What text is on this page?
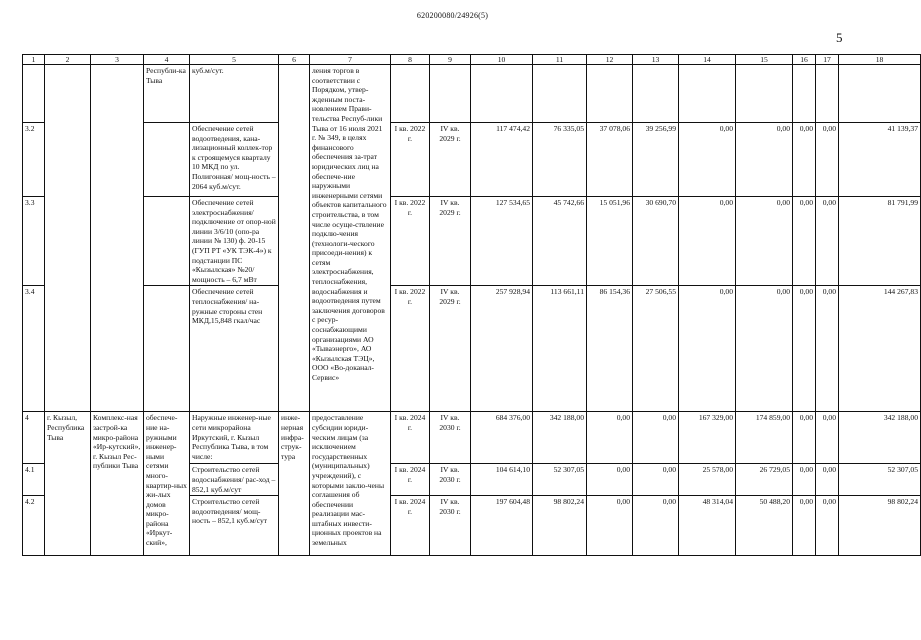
620200080/24926(5)
5
1	2	3	4	5	6	7	8	9	10	11	12	13	14	15	16	17	18
			Республи-ка Тыва	куб.м/сут.		ления торгов в соответствии с Порядком, утвер-жденным поста-новлением Прави-тельства Респуб-лики Тыва от 16 июля 2021 г. № 349, в целях финансового обеспечения за-трат юридических лиц на обеспече-ние наружными инженерными сетями объектов капитального строительства, в том числе осуще-ствление подклю-чения (технологи-ческого присоеди-нения) к сетям электроснабжения, теплоснабжения, водоснабжения и водоотведения путем заключения договоров с ресур-соснабжающими организациями АО «Тываэнерго», АО «Кызылская ТЭЦ», ООО «Во-доканал-Сервис»											
3.2				Обеспечение сетей водоотведения, кана-лизационный коллек-тор к строящемуся кварталу 10 МКД по ул. Полигонная/ мощ-ность – 2064 куб.м/сут.			I кв. 2022 г.	IV кв. 2029 г.	117 474,42	76 335,05	37 078,06	39 256,99	0,00	0,00	0,00	0,00	41 139,37
3.3				Обеспечение сетей электроснабжения/ подключение от опор-ной линии 3/6/10 (опо-ра линии № 130) ф. 20-15 (ГУП РТ «УК ТЭК-4») к подстанции ПС «Кызылская» №20/ мощность – 6,7 мВт			I кв. 2022 г.	IV кв. 2029 г.	127 534,65	45 742,66	15 051,96	30 690,70	0,00	0,00	0,00	0,00	81 791,99
3.4				Обеспечение сетей теплоснабжения/ на-ружные стороны стен МКД,15,848 гкал/час			I кв. 2022 г.	IV кв. 2029 г.	257 928,94	113 661,11	86 154,36	27 506,55	0,00	0,00	0,00	0,00	144 267,83
4	г. Кызыл, Республика Тыва	Комплекс-ная застрой-ка микро-района «Ир-кутский», г. Кызыл Рес-публики Тыва	обеспече-ние на-ружными инженер-ными сетями много-квартир-ных жи-лых домов микро-района «Иркут-ский»,	Наружные инженер-ные сети микрорайона Иркутский, г. Кызыл Республика Тыва, в том числе:	инже-нерная инфра-струк-тура	предоставление субсидии юриди-ческим лицам (за исключением государственных (муниципальных) учреждений), с которыми заклю-чены соглашения об обеспечении реализации мас-штабных инвести-ционных проектов на земельных	I кв. 2024 г.	IV кв. 2030 г.	684 376,00	342 188,00	0,00	0,00	167 329,00	174 859,00	0,00	0,00	342 188,00
4.1				Строительство сетей водоснабжения/ рас-ход – 852,1 куб.м/сут			I кв. 2024 г.	IV кв. 2030 г.	104 614,10	52 307,05	0,00	0,00	25 578,00	26 729,05	0,00	0,00	52 307,05
4.2				Строительство сетей водоотведения/ мощ-ность – 852,1 куб.м/сут			I кв. 2024 г.	IV кв. 2030 г.	197 604,48	98 802,24	0,00	0,00	48 314,04	50 488,20	0,00	0,00	98 802,24
